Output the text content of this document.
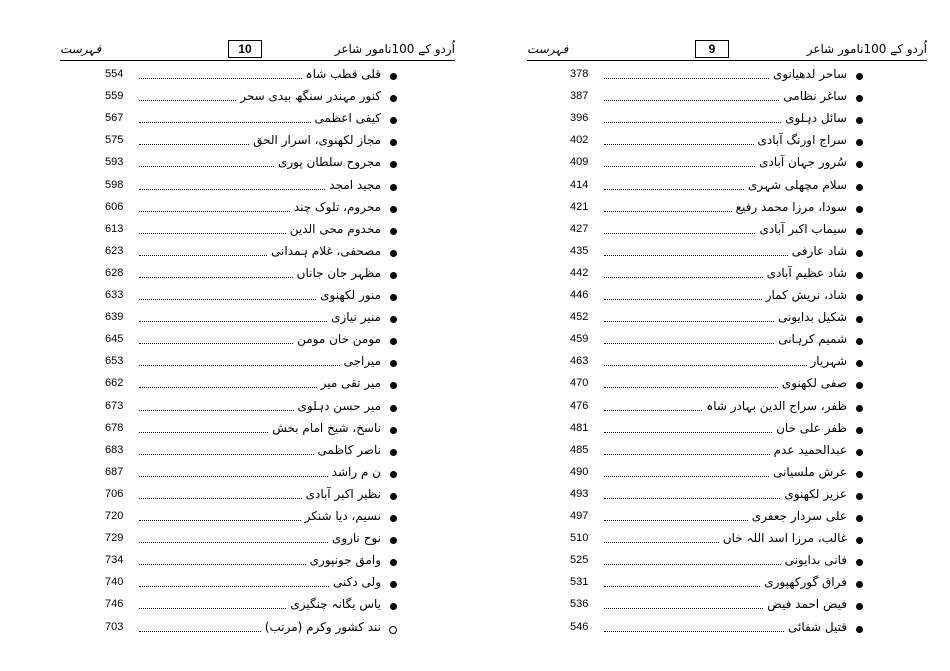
فہرست	10	اُردو کے 100نامور شاعر
554	قلی قطب شاہ
559	کنور مہندر سنگھ بیدی سحر
567	کیفی اعظمی
575	مجاز لکھنوی، اسرار الحق
593	مجروح سلطان پوری
598	مجید امجد
606	محروم، تلوک چند
613	مخدوم محی الدین
623	مصحفی، غلام ہمدانی
628	مظہر جان جاناں
633	منور لکھنوی
639	منیر نیازی
645	مومن خان مومن
653	میراجی
662	میر تقی میر
673	میر حسن دہلوی
678	ناسخ، شیخ امام بخش
683	ناصر کاظمی
687	ن م راشد
706	نظیر اکبر آبادی
720	نسیم، دیا شنکر
729	نوح ناروی
734	وامق جونپوری
740	ولی دکنی
746	یاس یگانہ چنگیزی
703	نند کشور وکرم (مرتب)
فہرست	9	اُردو کے 100نامور شاعر
378	ساحر لدھیانوی
387	ساغر نظامی
396	سائل دہلوی
402	سراج اورنگ آبادی
409	سُرور جہان آبادی
414	سلام مچھلی شہری
421	سودا، مرزا محمد رفیع
427	سیماب اکبر آبادی
435	شاد عارفی
442	شاد عظیم آبادی
446	شاد، نریش کمار
452	شکیل بدایونی
459	شمیم کرہانی
463	شہریار
470	صفی لکھنوی
476	ظفر، سراج الدین بہادر شاہ
481	ظفر علی خان
485	عبدالحمید عدم
490	عرش ملسیانی
493	عزیز لکھنوی
497	علی سردار جعفری
510	غالب، مرزا اسد اللہ خاں
525	فانی بدایونی
531	فراق گورکھپوری
536	فیض احمد فیض
546	قتیل شفائی
